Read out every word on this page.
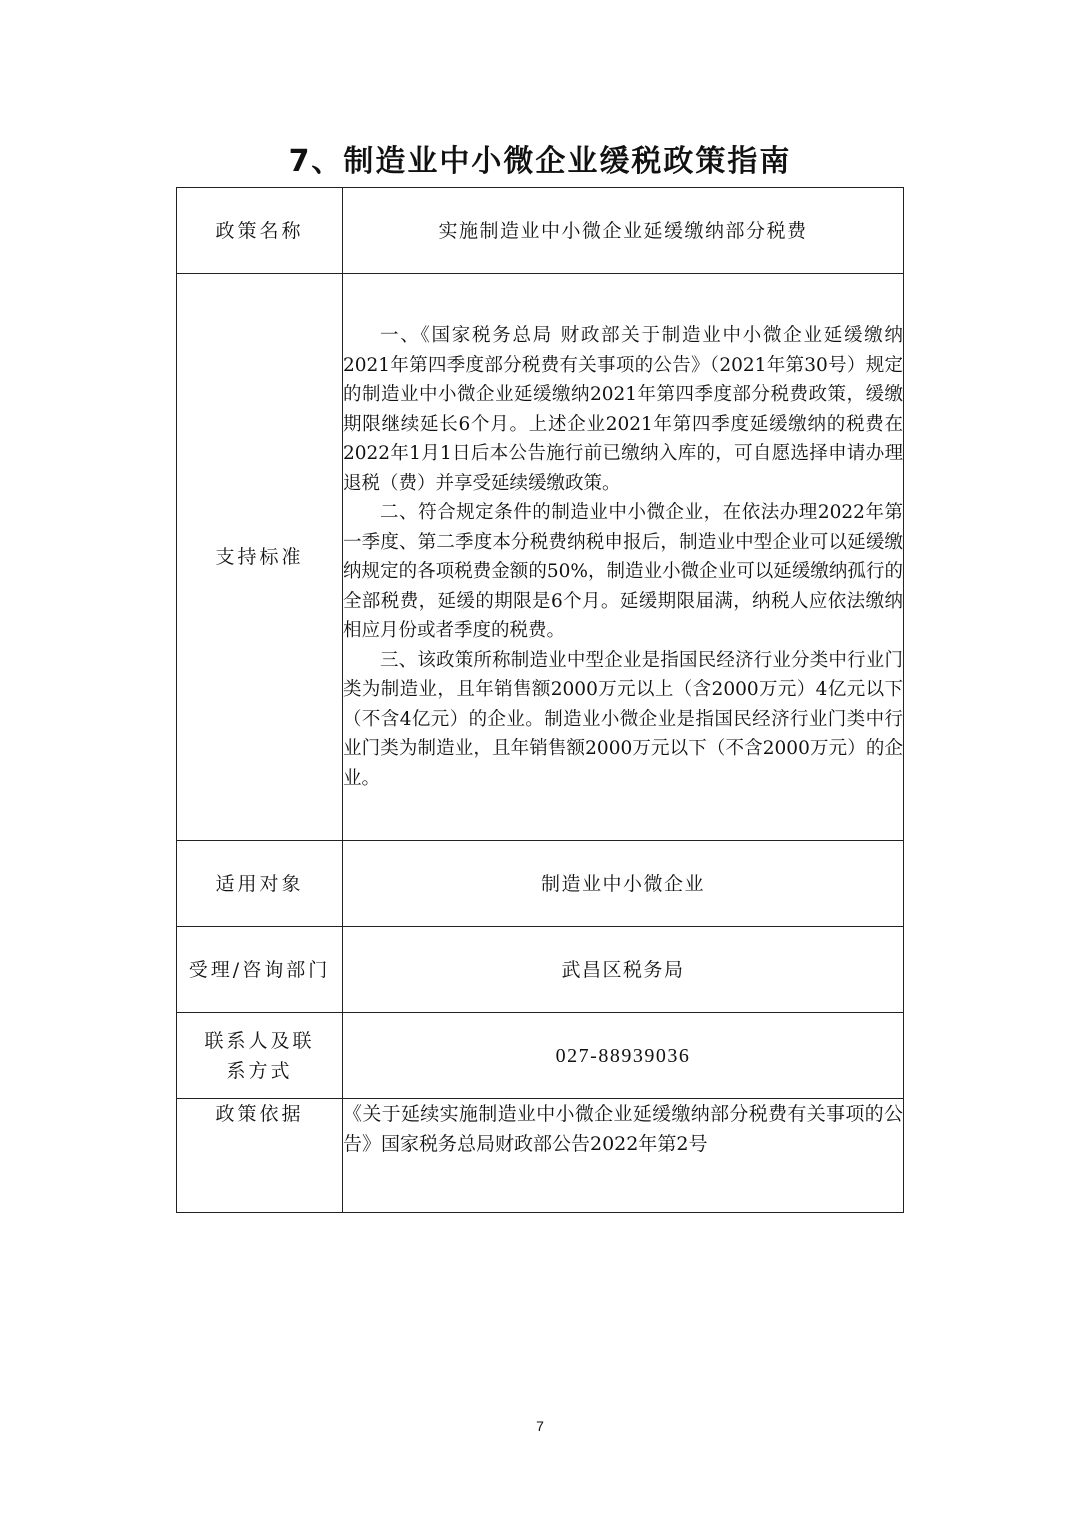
7、制造业中小微企业缓税政策指南
政策名称	实施制造业中小微企业延缓缴纳部分税费
支持标准	一、《国家税务总局 财政部关于制造业中小微企业延缓缴纳2021年第四季度部分税费有关事项的公告》（2021年第30号）规定的制造业中小微企业延缓缴纳2021年第四季度部分税费政策，缓缴期限继续延长6个月。上述企业2021年第四季度延缓缴纳的税费在2022年1月1日后本公告施行前已缴纳入库的，可自愿选择申请办理退税（费）并享受延续缓缴政策。

二、符合规定条件的制造业中小微企业，在依法办理2022年第一季度、第二季度本分税费纳税申报后，制造业中型企业可以延缓缴纳规定的各项税费金额的50%，制造业小微企业可以延缓缴纳孤行的全部税费，延缓的期限是6个月。延缓期限届满，纳税人应依法缴纳相应月份或者季度的税费。

三、该政策所称制造业中型企业是指国民经济行业分类中行业门类为制造业，且年销售额2000万元以上（含2000万元）4亿元以下（不含4亿元）的企业。制造业小微企业是指国民经济行业门类中行业门类为制造业，且年销售额2000万元以下（不含2000万元）的企业。

适用对象	制造业中小微企业
受理/咨询部门	武昌区税务局
联系人及联系方式	027-88939036
政策依据	《关于延续实施制造业中小微企业延缓缴纳部分税费有关事项的公告》国家税务总局财政部公告2022年第2号
7
